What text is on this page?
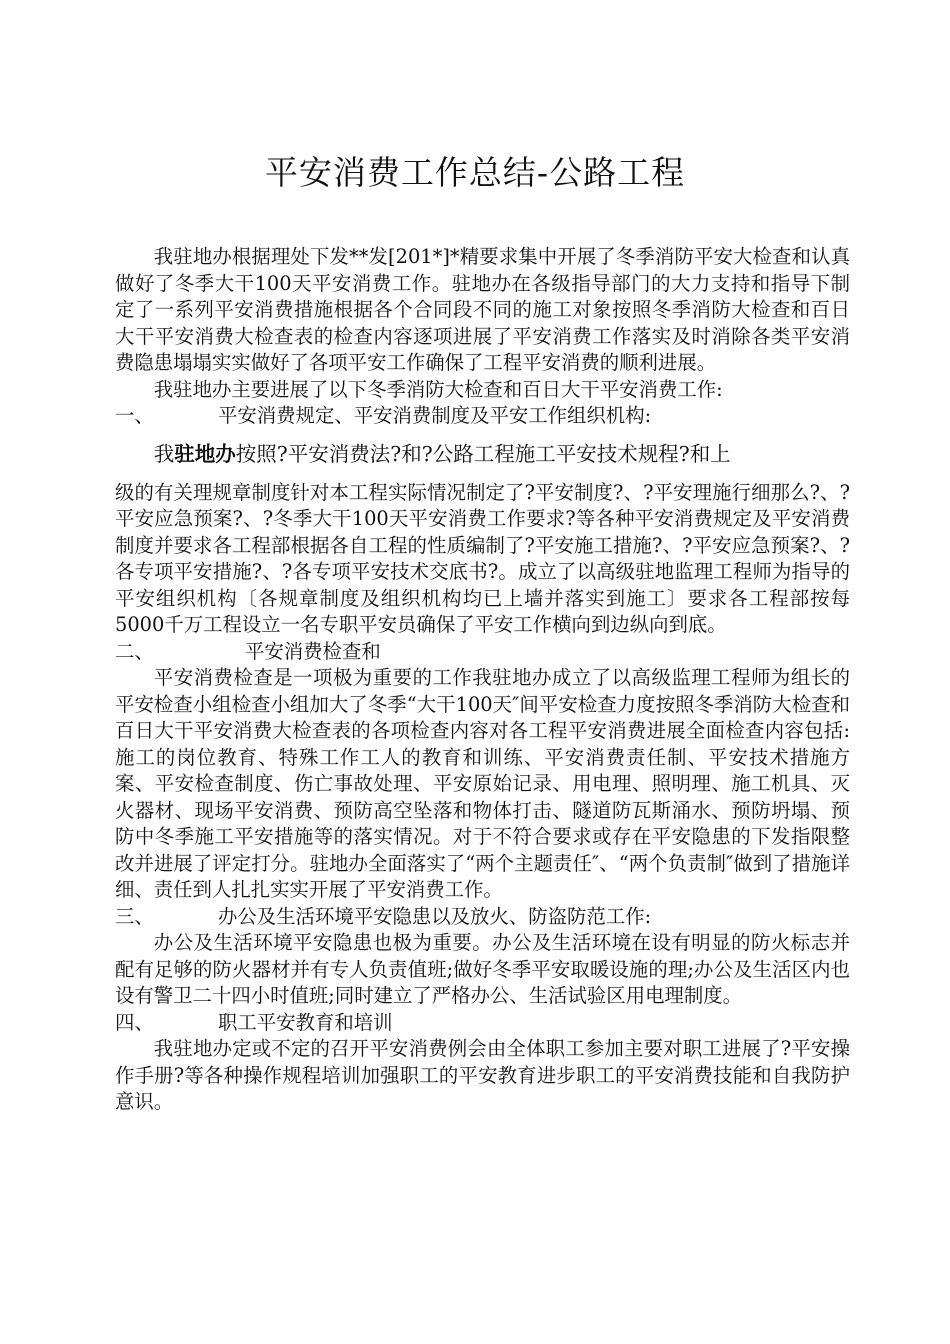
平安消费工作总结-公路工程

我驻地办根据理处下发**发[201*]*精要求集中开展了冬季消防平安大检查和认真做好了冬季大干100天平安消费工作。驻地办在各级指导部门的大力支持和指导下制定了一系列平安消费措施根据各个合同段不同的施工对象按照冬季消防大检查和百日大干平安消费大检查表的检查内容逐项进展了平安消费工作落实及时消除各类平安消费隐患塌塌实实做好了各项平安工作确保了工程平安消费的顺利进展。

我驻地办主要进展了以下冬季消防大检查和百日大干平安消费工作:

一、	平安消费规定、平安消费制度及平安工作组织机构:

我驻地办按照?平安消费法?和?公路工程施工平安技术规程?和上
级的有关理规章制度针对本工程实际情况制定了?平安制度?、?平安理施行细那么?、?平安应急预案?、?冬季大干100天平安消费工作要求?等各种平安消费规定及平安消费制度并要求各工程部根据各自工程的性质编制了?平安施工措施?、?平安应急预案?、?各专项平安措施?、?各专项平安技术交底书?。成立了以高级驻地监理工程师为指导的平安组织机构〔各规章制度及组织机构均已上墙并落实到施工〕要求各工程部按每5000千万工程设立一名专职平安员确保了平安工作横向到边纵向到底。

二、	平安消费检查和

平安消费检查是一项极为重要的工作我驻地办成立了以高级监理工程师为组长的平安检查小组检查小组加大了冬季“大干100天″间平安检查力度按照冬季消防大检查和百日大干平安消费大检查表的各项检查内容对各工程平安消费进展全面检查内容包括:施工的岗位教育、特殊工作工人的教育和训练、平安消费责任制、平安技术措施方案、平安检查制度、伤亡事故处理、平安原始记录、用电理、照明理、施工机具、灭火器材、现场平安消费、预防高空坠落和物体打击、隧道防瓦斯涌水、预防坍塌、预防中冬季施工平安措施等的落实情况。对于不符合要求或存在平安隐患的下发指限整改并进展了评定打分。驻地办全面落实了“两个主题责任″、“两个负责制″做到了措施详细、责任到人扎扎实实开展了平安消费工作。

三、	办公及生活环境平安隐患以及放火、防盗防范工作:

办公及生活环境平安隐患也极为重要。办公及生活环境在设有明显的防火标志并配有足够的防火器材并有专人负责值班;做好冬季平安取暖设施的理;办公及生活区内也设有警卫二十四小时值班;同时建立了严格办公、生活试验区用电理制度。

四、	职工平安教育和培训

我驻地办定或不定的召开平安消费例会由全体职工参加主要对职工进展了?平安操作手册?等各种操作规程培训加强职工的平安教育进步职工的平安消费技能和自我防护意识。
